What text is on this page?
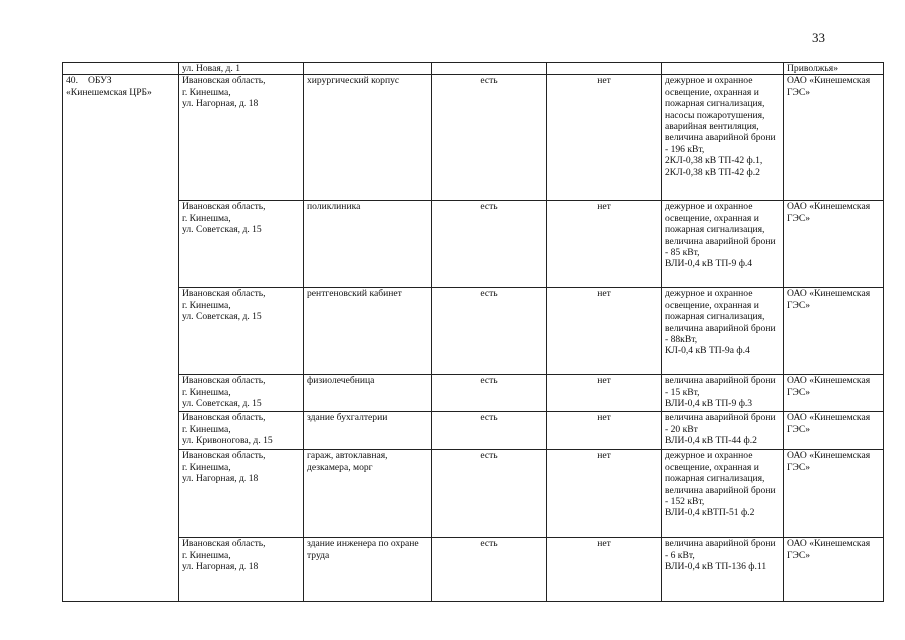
33
	ул. Новая, д. 1					Приволжья»

40. ОБУЗ
«Кинешемская ЦРБ»	Ивановская область,
г. Кинешма,
ул. Нагорная, д. 18	хирургический корпус	есть	нет	дежурное и охранное освещение, охранная и пожарная сигнализация, насосы пожаротушения, аварийная вентиляция, величина аварийной брони - 196 кВт,
2КЛ-0,38 кВ ТП-42 ф.1,
2КЛ-0,38 кВ ТП-42 ф.2	ОАО «Кинешемская ГЭС»
	Ивановская область,
г. Кинешма,
ул. Советская, д. 15	поликлиника	есть	нет	дежурное и охранное освещение, охранная и пожарная сигнализация, величина аварийной брони - 85 кВт,
ВЛИ-0,4 кВ ТП-9 ф.4	ОАО «Кинешемская ГЭС»
	Ивановская область,
г. Кинешма,
ул. Советская, д. 15	рентгеновский кабинет	есть	нет	дежурное и охранное освещение, охранная и пожарная сигнализация, величина аварийной брони - 88кВт,
КЛ-0,4 кВ ТП-9а ф.4	ОАО «Кинешемская ГЭС»
	Ивановская область,
г. Кинешма,
ул. Советская, д. 15	физиолечебница	есть	нет	величина аварийной брони - 15 кВт,
ВЛИ-0,4 кВ ТП-9 ф.3	ОАО «Кинешемская ГЭС»
	Ивановская область,
г. Кинешма,
ул. Кривоногова, д. 15	здание бухгалтерии	есть	нет	величина аварийной брони - 20 кВт
ВЛИ-0,4 кВ ТП-44 ф.2	ОАО «Кинешемская ГЭС»
	Ивановская область,
г. Кинешма,
ул. Нагорная, д. 18	гараж, автоклавная, дезкамера, морг	есть	нет	дежурное и охранное освещение, охранная и пожарная сигнализация, величина аварийной брони - 152 кВт,
ВЛИ-0,4 кВТП-51 ф.2	ОАО «Кинешемская ГЭС»
	Ивановская область,
г. Кинешма,
ул. Нагорная, д. 18	здание инженера по охране труда	есть	нет	величина аварийной брони - 6 кВт,
ВЛИ-0,4 кВ ТП-136 ф.11	ОАО «Кинешемская ГЭС»
